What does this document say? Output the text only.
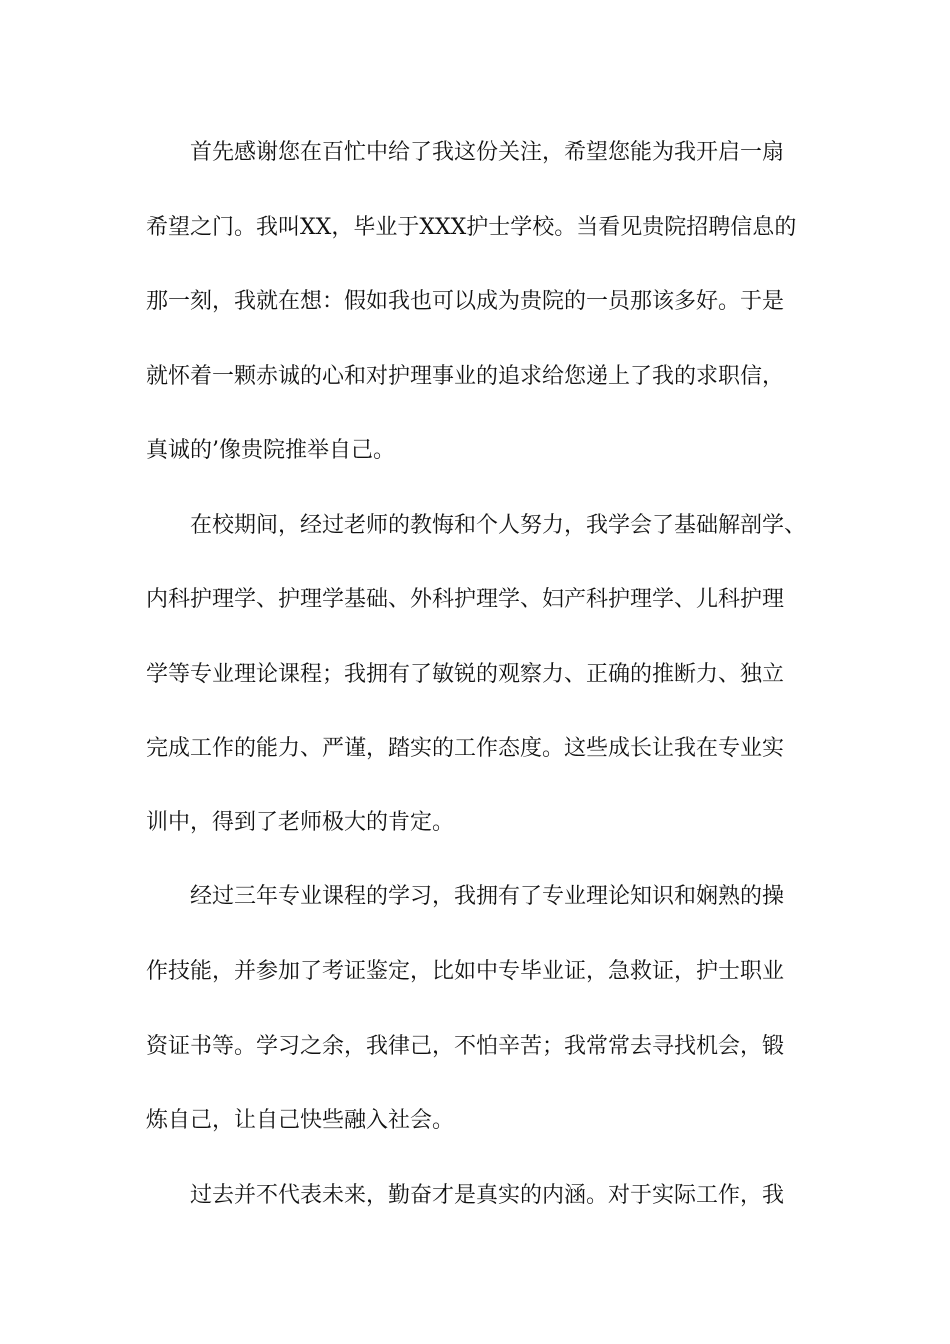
首先感谢您在百忙中给了我这份关注，希望您能为我开启一扇
希望之门。我叫XX，毕业于XXX护士学校。当看见贵院招聘信息的
那一刻，我就在想：假如我也可以成为贵院的一员那该多好。于是
就怀着一颗赤诚的心和对护理事业的追求给您递上了我的求职信，
真诚的’像贵院推举自己。
在校期间，经过老师的教悔和个人努力，我学会了基础解剖学、
内科护理学、护理学基础、外科护理学、妇产科护理学、儿科护理
学等专业理论课程；我拥有了敏锐的观察力、正确的推断力、独立
完成工作的能力、严谨，踏实的工作态度。这些成长让我在专业实
训中，得到了老师极大的肯定。
经过三年专业课程的学习，我拥有了专业理论知识和娴熟的操
作技能，并参加了考证鉴定，比如中专毕业证，急救证，护士职业
资证书等。学习之余，我律己，不怕辛苦；我常常去寻找机会，锻
炼自己，让自己快些融入社会。
过去并不代表未来，勤奋才是真实的内涵。对于实际工作，我
